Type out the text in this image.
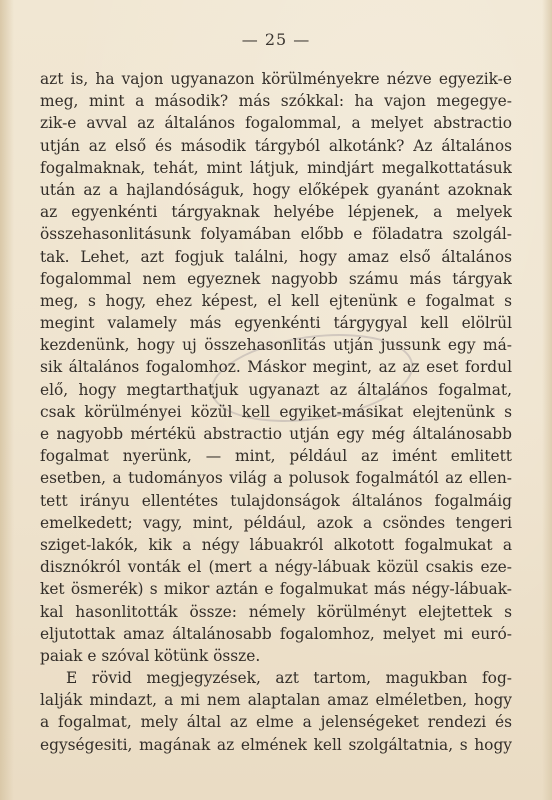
— 25 —
azt is, ha vajon ugyanazon körülményekre nézve egyezik-e
meg, mint a második? más szókkal: ha vajon megegye-
zik-e avval az általános fogalommal, a melyet abstractio
utján az első és második tárgyból alkotánk? Az általános
fogalmaknak, tehát, mint látjuk, mindjárt megalkottatásuk
után az a hajlandóságuk, hogy előképek gyanánt azoknak
az egyenkénti tárgyaknak helyébe lépjenek, a melyek
összehasonlitásunk folyamában előbb e föladatra szolgál-
tak. Lehet, azt fogjuk találni, hogy amaz első általános
fogalommal nem egyeznek nagyobb számu más tárgyak
meg, s hogy, ehez képest, el kell ejtenünk e fogalmat s
megint valamely más egyenkénti tárgygyal kell elölrül
kezdenünk, hogy uj összehasonlitás utján jussunk egy má-
sik általános fogalomhoz. Máskor megint, az az eset fordul
elő, hogy megtarthatjuk ugyanazt az általános fogalmat,
csak körülményei közül kell egyiket-másikat elejtenünk s
e nagyobb mértékü abstractio utján egy még általánosabb
fogalmat nyerünk, — mint, például az imént emlitett
esetben, a tudományos világ a polusok fogalmától az ellen-
tett irányu ellentétes tulajdonságok általános fogalmáig
emelkedett; vagy, mint, például, azok a csöndes tengeri
sziget-lakók, kik a négy lábuakról alkotott fogalmukat a
disznókról vonták el (mert a négy-lábuak közül csakis eze-
ket ösmerék) s mikor aztán e fogalmukat más négy-lábuak-
kal hasonlitották össze: némely körülményt elejtettek s
eljutottak amaz általánosabb fogalomhoz, melyet mi euró-
paiak e szóval kötünk össze.
E rövid megjegyzések, azt tartom, magukban fog-
lalják mindazt, a mi nem alaptalan amaz elméletben, hogy
a fogalmat, mely által az elme a jelenségeket rendezi és
egységesiti, magának az elmének kell szolgáltatnia, s hogy
